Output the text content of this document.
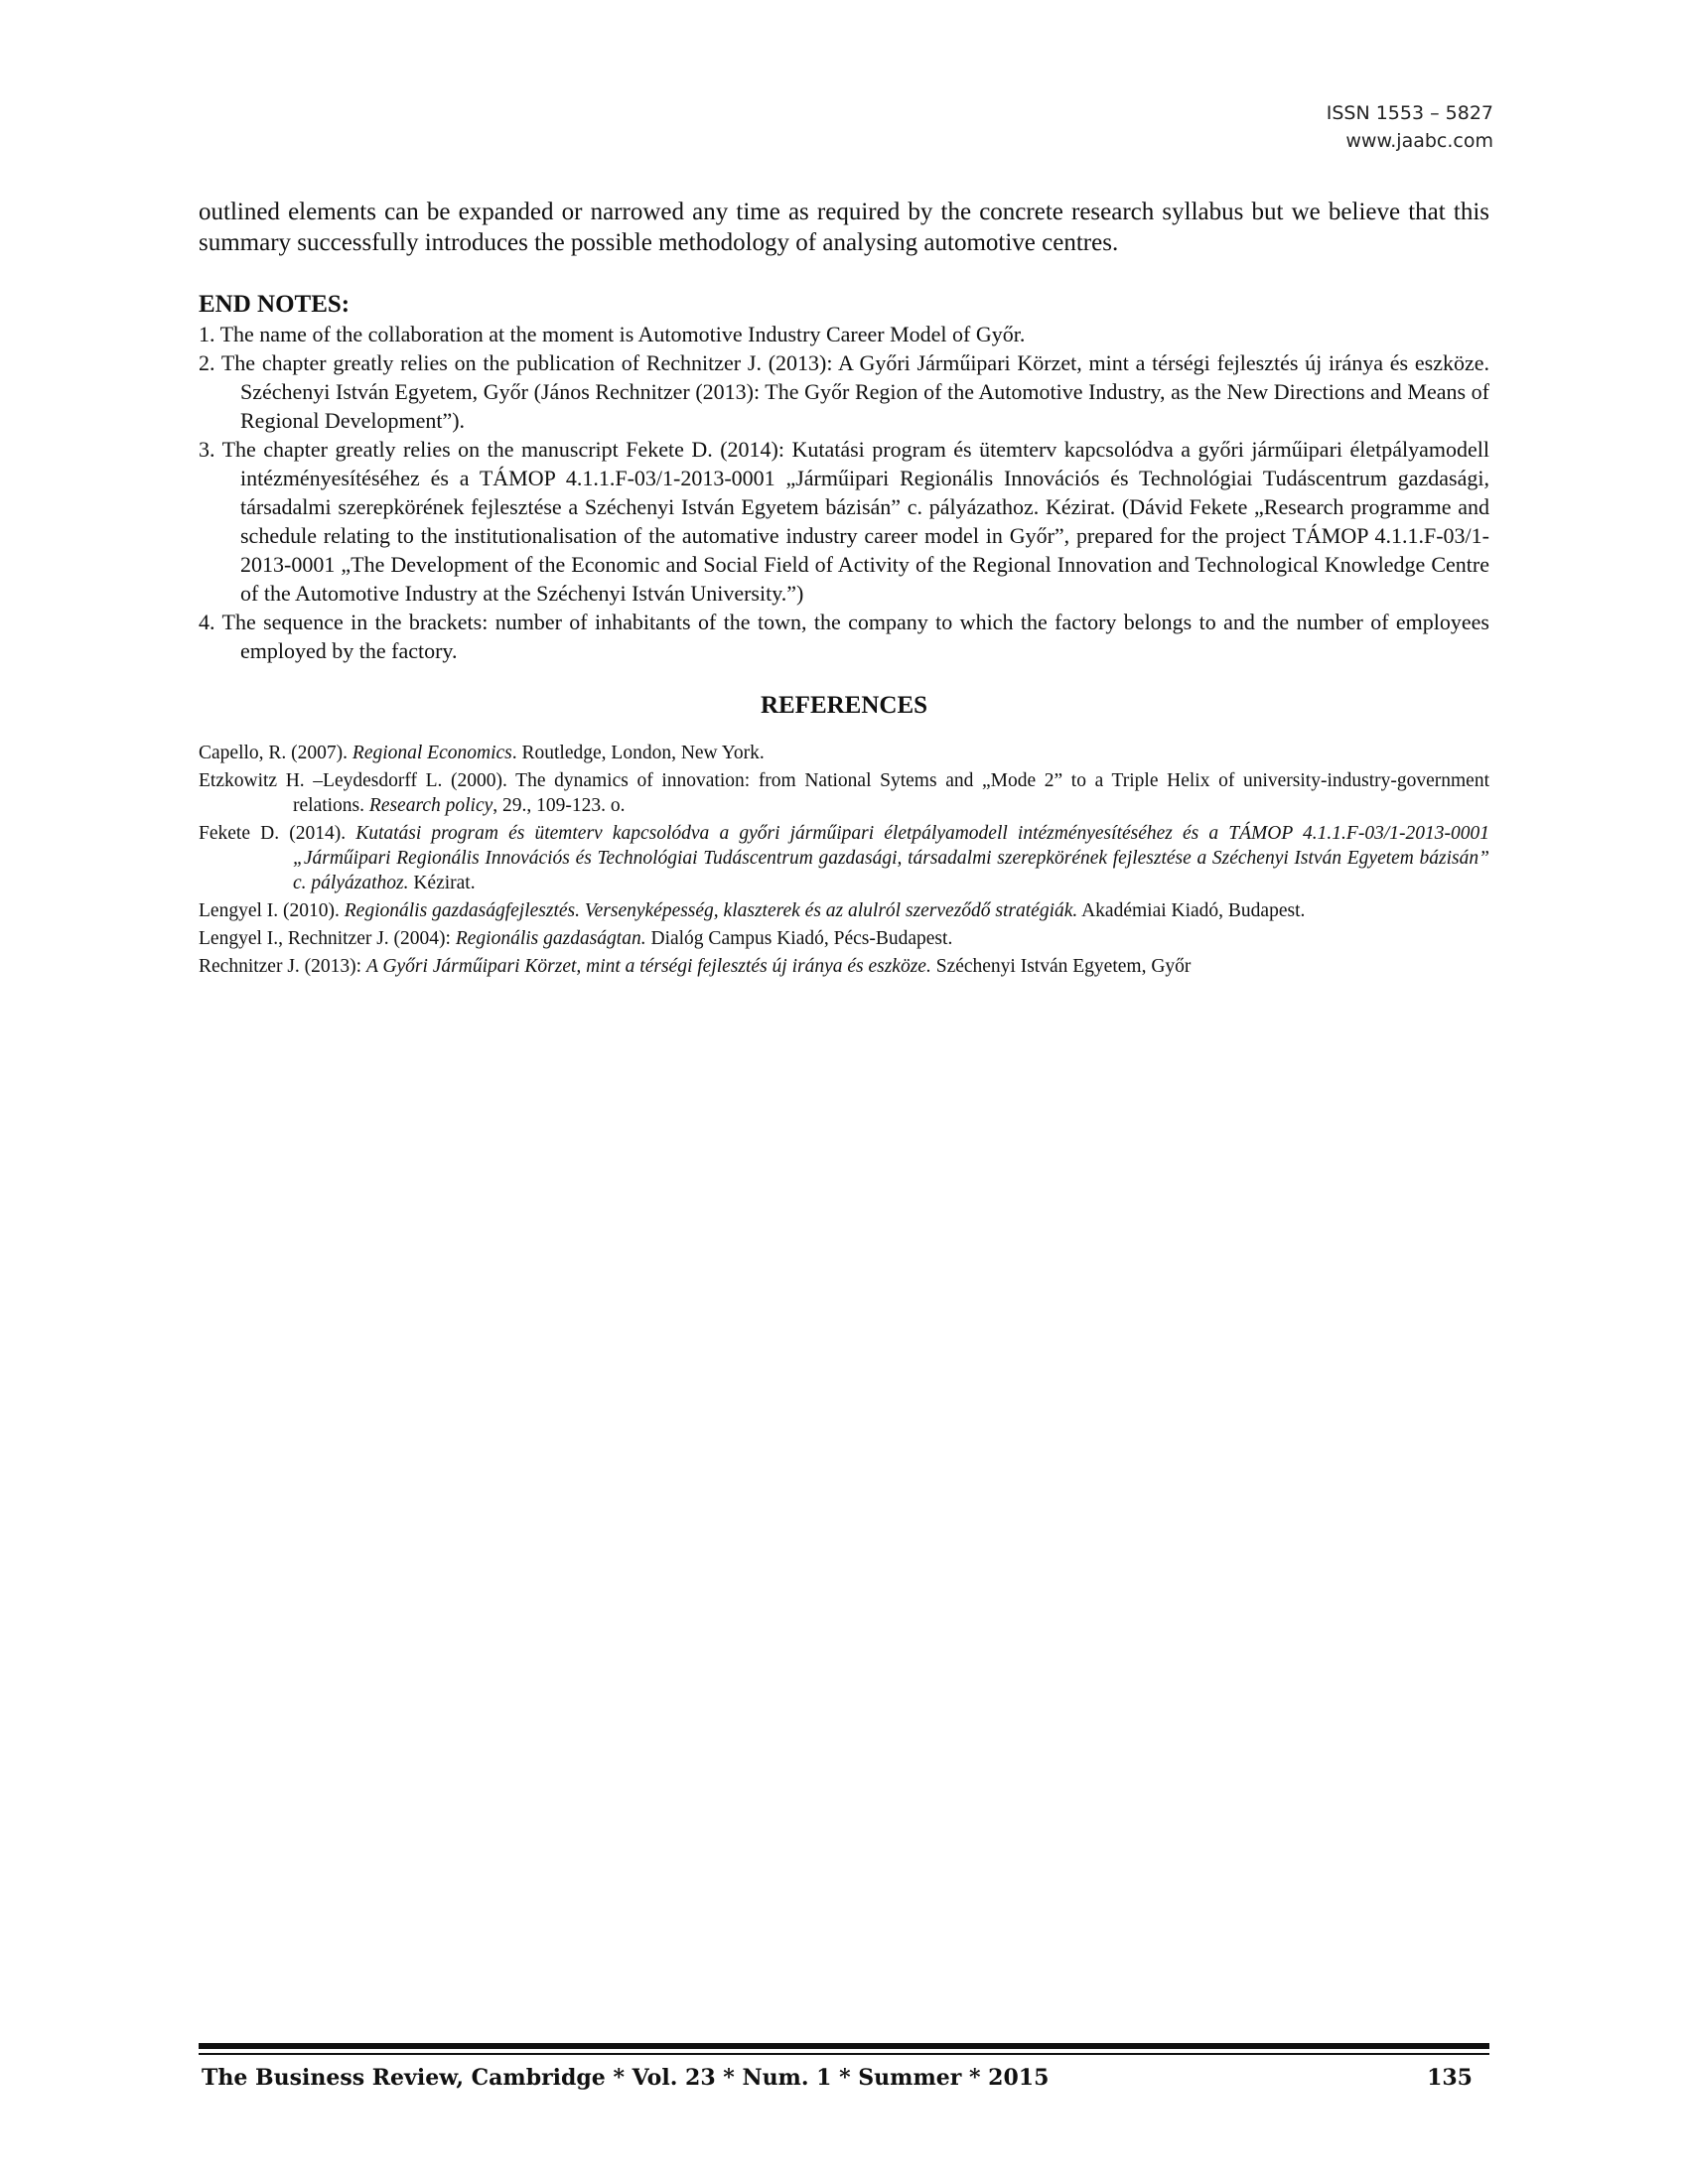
ISSN 1553 – 5827
www.jaabc.com

outlined elements can be expanded or narrowed any time as required by the concrete research syllabus but we believe that this summary successfully introduces the possible methodology of analysing automotive centres.

END NOTES:
1. The name of the collaboration at the moment is Automotive Industry Career Model of Győr.
2. The chapter greatly relies on the publication of Rechnitzer J. (2013): A Győri Járműipari Körzet, mint a térségi fejlesztés új iránya és eszköze. Széchenyi István Egyetem, Győr (János Rechnitzer (2013): The Győr Region of the Automotive Industry, as the New Directions and Means of Regional Development”).
3. The chapter greatly relies on the manuscript Fekete D. (2014): Kutatási program és ütemterv kapcsolódva a győri járműipari életpályamodell intézményesítéséhez és a TÁMOP 4.1.1.F-03/1-2013-0001 „Járműipari Regionális Innovációs és Technológiai Tudáscentrum gazdasági, társadalmi szerepkörének fejlesztése a Széchenyi István Egyetem bázisán” c. pályázathoz. Kézirat. (Dávid Fekete „Research programme and schedule relating to the institutionalisation of the automative industry career model in Győr”, prepared for the project TÁMOP 4.1.1.F-03/1-2013-0001 „The Development of the Economic and Social Field of Activity of the Regional Innovation and Technological Knowledge Centre of the Automotive Industry at the Széchenyi István University.”)
4. The sequence in the brackets: number of inhabitants of the town, the company to which the factory belongs to and the number of employees employed by the factory.
REFERENCES
Capello, R. (2007). Regional Economics. Routledge, London, New York.
Etzkowitz H. –Leydesdorff L. (2000). The dynamics of innovation: from National Sytems and „Mode 2” to a Triple Helix of university-industry-government relations. Research policy, 29., 109-123. o.
Fekete D. (2014). Kutatási program és ütemterv kapcsolódva a győri járműipari életpályamodell intézményesítéséhez és a TÁMOP 4.1.1.F-03/1-2013-0001 „Járműipari Regionális Innovációs és Technológiai Tudáscentrum gazdasági, társadalmi szerepkörének fejlesztése a Széchenyi István Egyetem bázisán” c. pályázathoz. Kézirat.
Lengyel I. (2010). Regionális gazdaságfejlesztés. Versenyképesség, klaszterek és az alulról szerveződő stratégiák. Akadémiai Kiadó, Budapest.
Lengyel I., Rechnitzer J. (2004): Regionális gazdaságtan. Dialóg Campus Kiadó, Pécs-Budapest.
Rechnitzer J. (2013): A Győri Járműipari Körzet, mint a térségi fejlesztés új iránya és eszköze. Széchenyi István Egyetem, Győr
The Business Review, Cambridge * Vol. 23 * Num. 1 * Summer * 2015	135
